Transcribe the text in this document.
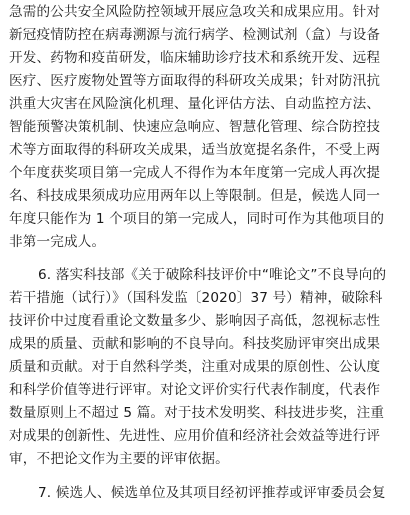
急需的公共安全风险防控领域开展应急攻关和成果应用。针对
新冠疫情防控在病毒溯源与流行病学、检测试剂（盒）与设备
开发、药物和疫苗研发，临床辅助诊疗技术和系统开发、远程
医疗、医疗废物处置等方面取得的科研攻关成果；针对防汛抗
洪重大灾害在风险演化机理、量化评估方法、自动监控方法、
智能预警决策机制、快速应急响应、智慧化管理、综合防控技
术等方面取得的科研攻关成果，适当放宽提名条件，不受上两
个年度获奖项目第一完成人不得作为本年度第一完成人再次提
名、科技成果须成功应用两年以上等限制。但是，候选人同一
年度只能作为 1 个项目的第一完成人，同时可作为其他项目的
非第一完成人。
6. 落实科技部《关于破除科技评价中“唯论文”不良导向的
若干措施（试行）》（国科发监〔2020〕37 号）精神，破除科
技评价中过度看重论文数量多少、影响因子高低，忽视标志性
成果的质量、贡献和影响的不良导向。科技奖励评审突出成果
质量和贡献。对于自然科学类，注重对成果的原创性、公认度
和科学价值等进行评审。对论文评价实行代表作制度，代表作
数量原则上不超过 5 篇。对于技术发明奖、科技进步奖，注重
对成果的创新性、先进性、应用价值和经济社会效益等进行评
审，不把论文作为主要的评审依据。
7. 候选人、候选单位及其项目经初评推荐或评审委员会复
